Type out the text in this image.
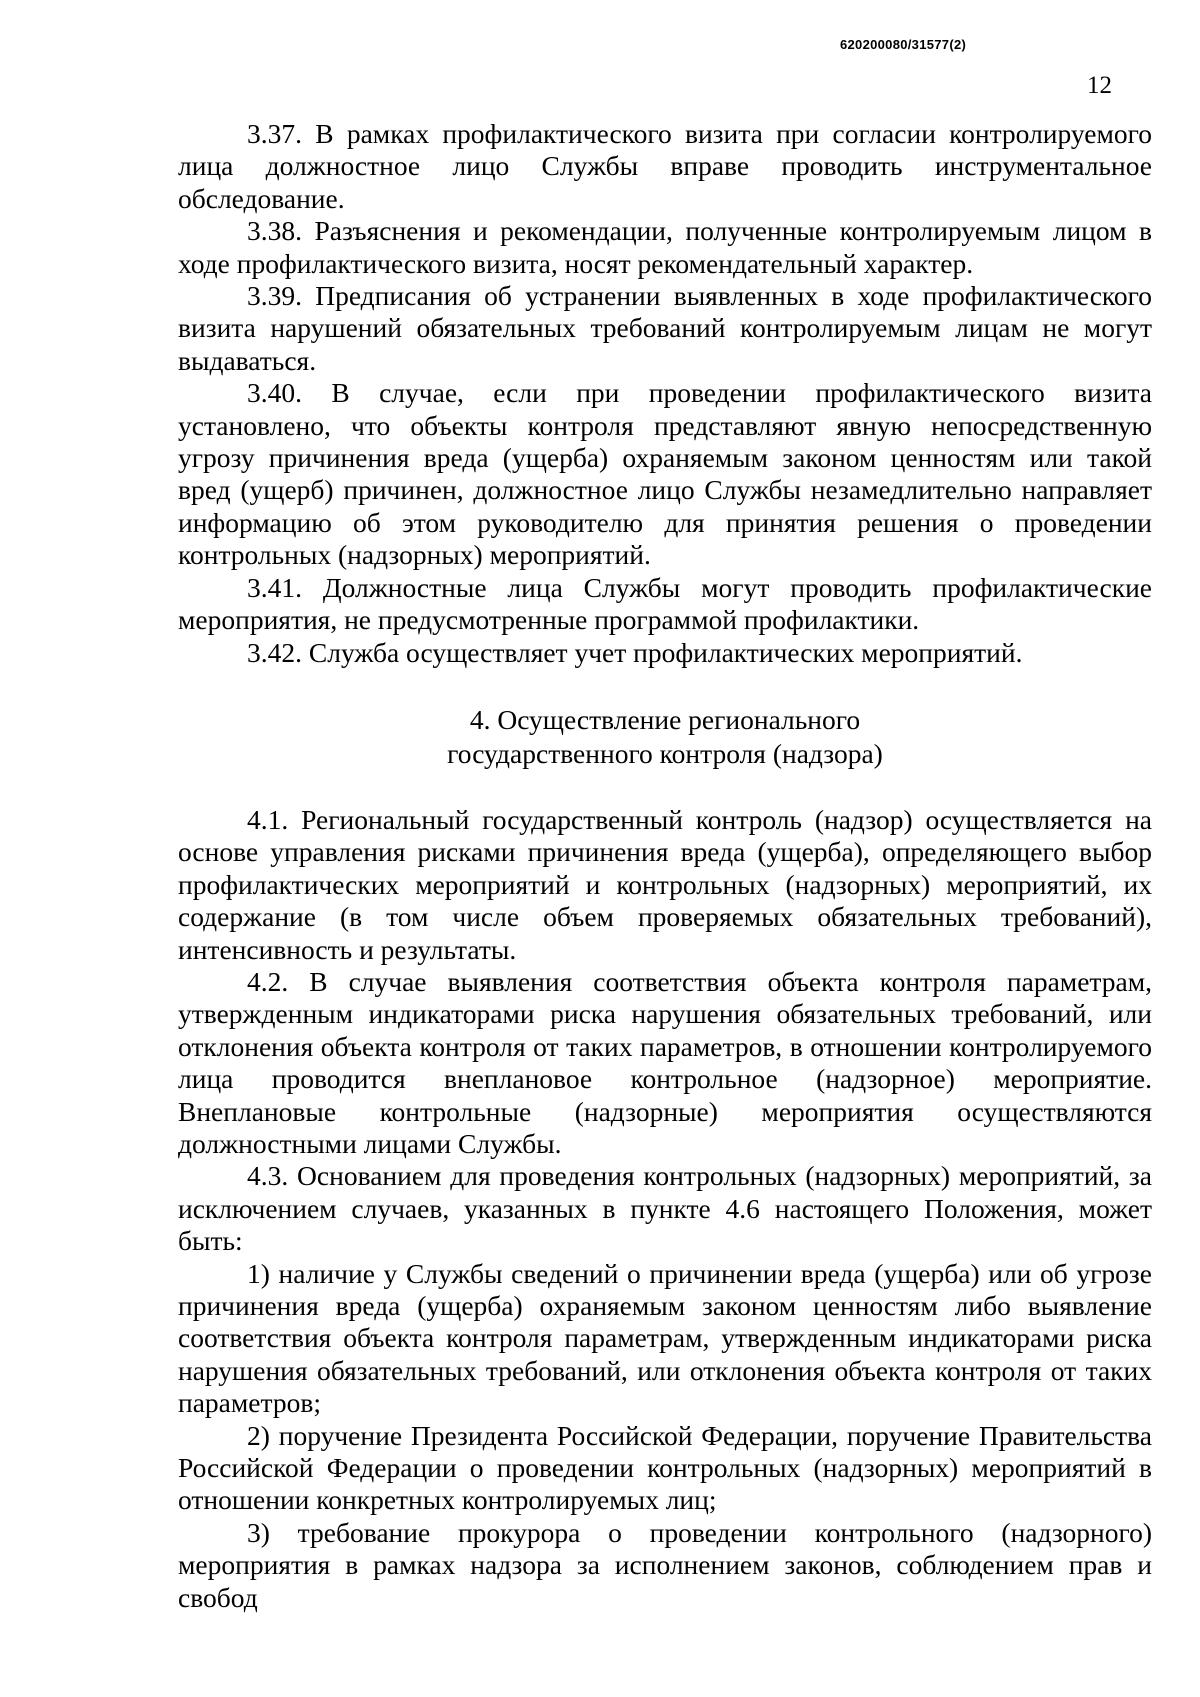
620200080/31577(2)
12

3.37. В рамках профилактического визита при согласии контролируемого лица должностное лицо Службы вправе проводить инструментальное обследование.

3.38. Разъяснения и рекомендации, полученные контролируемым лицом в ходе профилактического визита, носят рекомендательный характер.

3.39. Предписания об устранении выявленных в ходе профилактического визита нарушений обязательных требований контролируемым лицам не могут выдаваться.

3.40. В случае, если при проведении профилактического визита установлено, что объекты контроля представляют явную непосредственную угрозу причинения вреда (ущерба) охраняемым законом ценностям или такой вред (ущерб) причинен, должностное лицо Службы незамедлительно направляет информацию об этом руководителю для принятия решения о проведении контрольных (надзорных) мероприятий.

3.41. Должностные лица Службы могут проводить профилактические мероприятия, не предусмотренные программой профилактики.

3.42. Служба осуществляет учет профилактических мероприятий.

4. Осуществление регионального
государственного контроля (надзора)

4.1. Региональный государственный контроль (надзор) осуществляется на основе управления рисками причинения вреда (ущерба), определяющего выбор профилактических мероприятий и контрольных (надзорных) мероприятий, их содержание (в том числе объем проверяемых обязательных требований), интенсивность и результаты.

4.2. В случае выявления соответствия объекта контроля параметрам, утвержденным индикаторами риска нарушения обязательных требований, или отклонения объекта контроля от таких параметров, в отношении контролируемого лица проводится внеплановое контрольное (надзорное) мероприятие. Внеплановые контрольные (надзорные) мероприятия осуществляются должностными лицами Службы.

4.3. Основанием для проведения контрольных (надзорных) мероприятий, за исключением случаев, указанных в пункте 4.6 настоящего Положения, может быть:

1) наличие у Службы сведений о причинении вреда (ущерба) или об угрозе причинения вреда (ущерба) охраняемым законом ценностям либо выявление соответствия объекта контроля параметрам, утвержденным индикаторами риска нарушения обязательных требований, или отклонения объекта контроля от таких параметров;

2) поручение Президента Российской Федерации, поручение Правительства Российской Федерации о проведении контрольных (надзорных) мероприятий в отношении конкретных контролируемых лиц;

3) требование прокурора о проведении контрольного (надзорного) мероприятия в рамках надзора за исполнением законов, соблюдением прав и свобод
